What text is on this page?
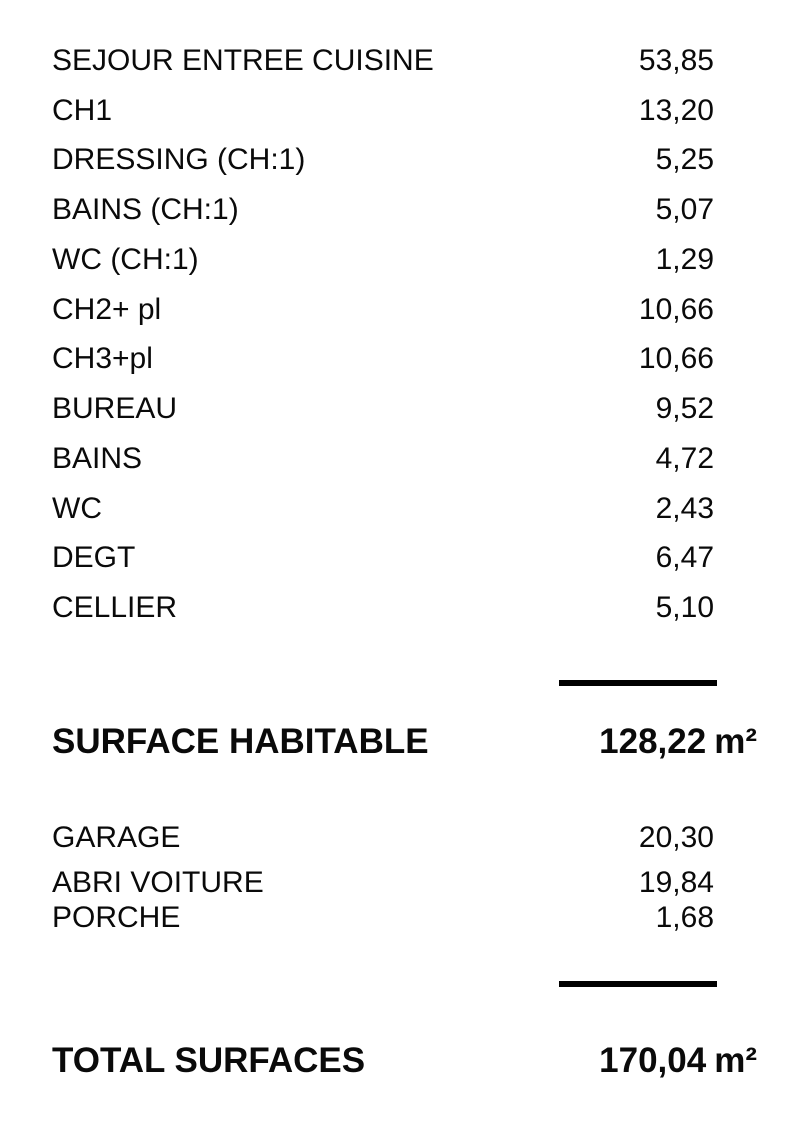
SEJOUR ENTREE CUISINE	53,85
CH1	13,20
DRESSING (CH:1)	5,25
BAINS (CH:1)	5,07
WC (CH:1)	1,29
CH2+ pl	10,66
CH3+pl	10,66
BUREAU	9,52
BAINS	4,72
WC	2,43
DEGT	6,47
CELLIER	5,10
SURFACE HABITABLE	128,22 m²
GARAGE	20,30
ABRI VOITURE	19,84
PORCHE	1,68
TOTAL SURFACES	170,04 m²
